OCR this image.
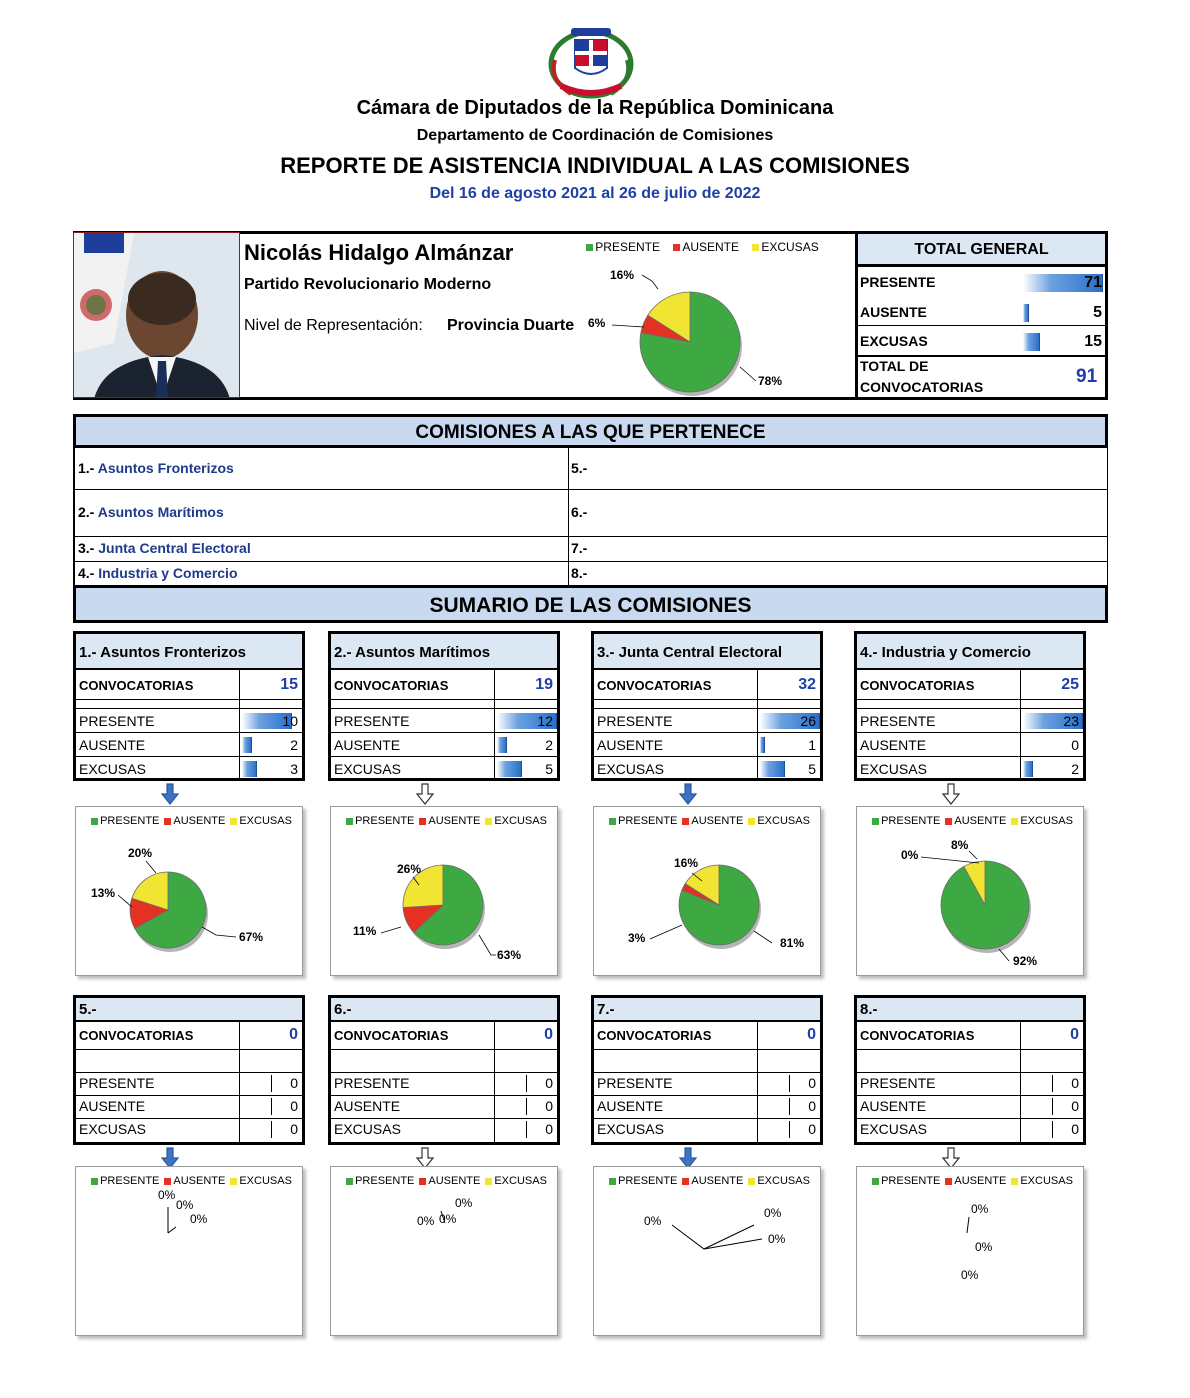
Cámara de Diputados de la República Dominicana
Departamento de Coordinación de Comisiones
REPORTE DE ASISTENCIA INDIVIDUAL A LAS COMISIONES
Del 16 de agosto 2021 al 26 de julio de 2022
Nicolás Hidalgo Almánzar
Partido Revolucionario Moderno
Nivel de Representación: Provincia Duarte
PRESENTE AUSENTE EXCUSAS
78%
6%
16%
TOTAL GENERAL
PRESENTE	71
AUSENTE	5
EXCUSAS	15
TOTAL DE
CONVOCATORIAS	91
COMISIONES A LAS QUE PERTENECE
1.- Asuntos Fronterizos
2.- Asuntos Marítimos
3.- Junta Central Electoral
4.- Industria y Comercio
5.-
6.-
7.-
8.-
SUMARIO DE LAS COMISIONES
1.- Asuntos Fronterizos
CONVOCATORIAS	15
PRESENTE	10
AUSENTE	2
EXCUSAS	3
PRESENTE AUSENTE EXCUSAS
67%
13%
20%
2.- Asuntos Marítimos
CONVOCATORIAS	19
PRESENTE	12
AUSENTE	2
EXCUSAS	5
PRESENTE AUSENTE EXCUSAS
63%
11%
26%
3.- Junta Central Electoral
CONVOCATORIAS	32
PRESENTE	26
AUSENTE	1
EXCUSAS	5
PRESENTE AUSENTE EXCUSAS
81%
3%
16%
4.- Industria y Comercio
CONVOCATORIAS	25
PRESENTE	23
AUSENTE	0
EXCUSAS	2
PRESENTE AUSENTE EXCUSAS
92%
0%
8%
5.-
CONVOCATORIAS	0
PRESENTE	0
AUSENTE	0
EXCUSAS	0
PRESENTE AUSENTE EXCUSAS
0%
0%
0%
6.-
CONVOCATORIAS	0
PRESENTE	0
AUSENTE	0
EXCUSAS	0
PRESENTE AUSENTE EXCUSAS
0% 0%
0%
7.-
CONVOCATORIAS	0
PRESENTE	0
AUSENTE	0
EXCUSAS	0
PRESENTE AUSENTE EXCUSAS
0%
0%
0%
8.-
CONVOCATORIAS	0
PRESENTE	0
AUSENTE	0
EXCUSAS	0
PRESENTE AUSENTE EXCUSAS
0%
0%
0%
